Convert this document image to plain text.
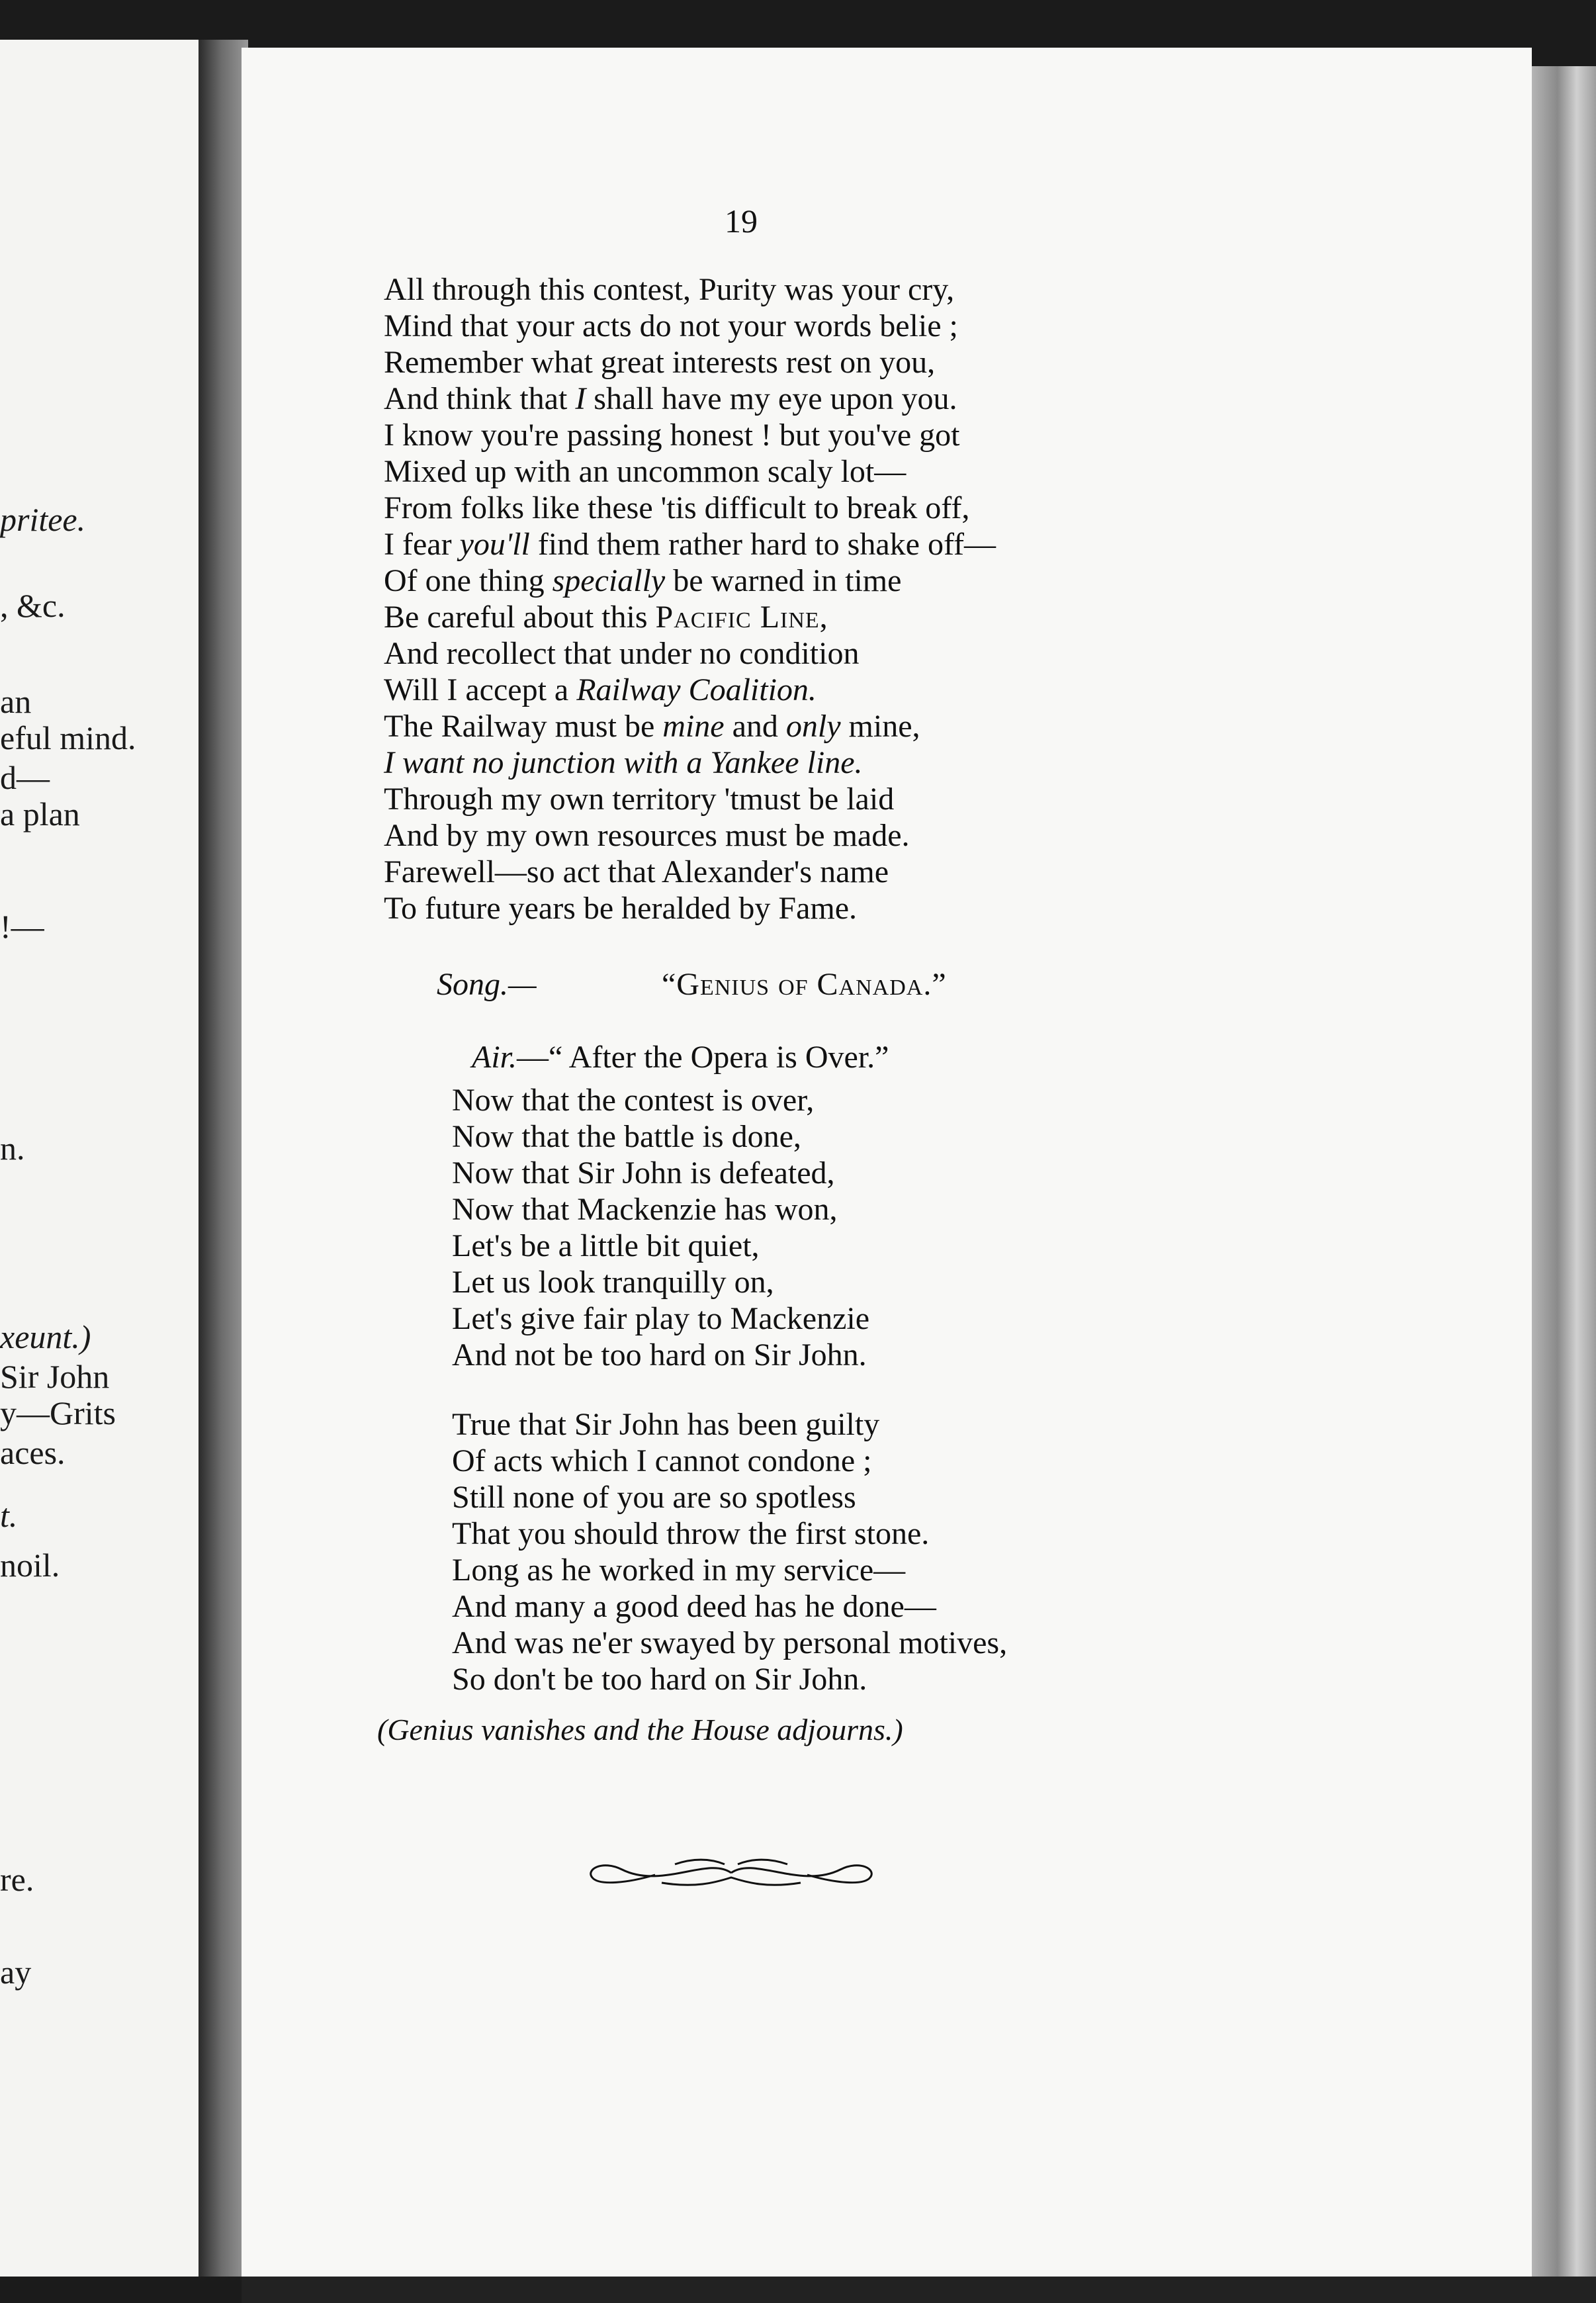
pritee.
, &c.
an
eful mind.
d—
a plan
!—
n.
xeunt.)
Sir John
y—Grits
aces.
t.
noil.
re.
ay
19
All through this contest, Purity was your cry,
Mind that your acts do not your words belie ;
Remember what great interests rest on you,
And think that I shall have my eye upon you.
I know you're passing honest ! but you've got
Mixed up with an uncommon scaly lot—
From folks like these 'tis difficult to break off,
I fear you'll find them rather hard to shake off—
Of one thing specially be warned in time
Be careful about this Pacific Line,
And recollect that under no condition
Will I accept a Railway Coalition.
The Railway must be mine and only mine,
I want no junction with a Yankee line.
Through my own territory 'tmust be laid
And by my own resources must be made.
Farewell—so act that Alexander's name
To future years be heralded by Fame.
Song.—	“Genius of Canada.”
Air.—“ After the Opera is Over.”
Now that the contest is over,
Now that the battle is done,
Now that Sir John is defeated,
Now that Mackenzie has won,
Let's be a little bit quiet,
Let us look tranquilly on,
Let's give fair play to Mackenzie
And not be too hard on Sir John.
True that Sir John has been guilty
Of acts which I cannot condone ;
Still none of you are so spotless
That you should throw the first stone.
Long as he worked in my service—
And many a good deed has he done—
And was ne'er swayed by personal motives,
So don't be too hard on Sir John.
(Genius vanishes and the House adjourns.)
